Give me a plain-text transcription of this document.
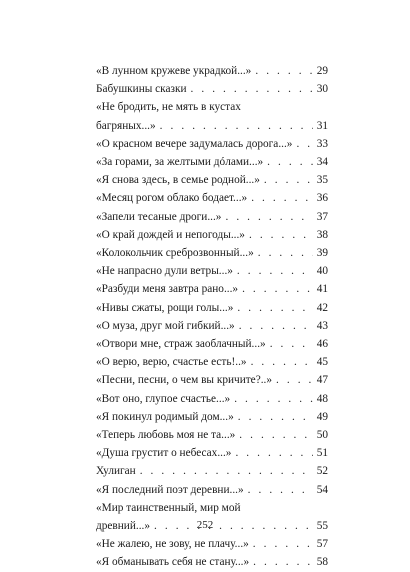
«В лунном кружеве украдкой...» . . .	29
Бабушкины сказки . . .	30
«Не бродить, не мять в кустах
багряных...» . . .	31
«О красном вечере задумалась дорога...» . . .	33
«За горами, за желтыми дóлами...» . . .	34
«Я снова здесь, в семье родной...» . . .	35
«Месяц рогом облако бодает...» . . .	36
«Запели тесаные дроги...» . . .	37
«О край дождей и непогоды...» . . .	38
«Колокольчик среброзвонный...» . . .	39
«Не напрасно дули ветры...» . . .	40
«Разбуди меня завтра рано...» . . .	41
«Нивы сжаты, рощи голы...» . . .	42
«О муза, друг мой гибкий...» . . .	43
«Отвори мне, страж заоблачный...» . . .	46
«О верю, верю, счастье есть!..» . . .	45
«Песни, песни, о чем вы кричите?..» . . .	47
«Вот оно, глупое счастье...» . . .	48
«Я покинул родимый дом...» . . .	49
«Теперь любовь моя не та...» . . .	50
«Душа грустит о небесах...» . . .	51
Хулиган . . .	52
«Я последний поэт деревни...» . . .	54
«Мир таинственный, мир мой
древний...» . . .	55
«Не жалею, не зову, не плачу...» . . .	57
«Я обманывать себя не стану...» . . .	58
252
